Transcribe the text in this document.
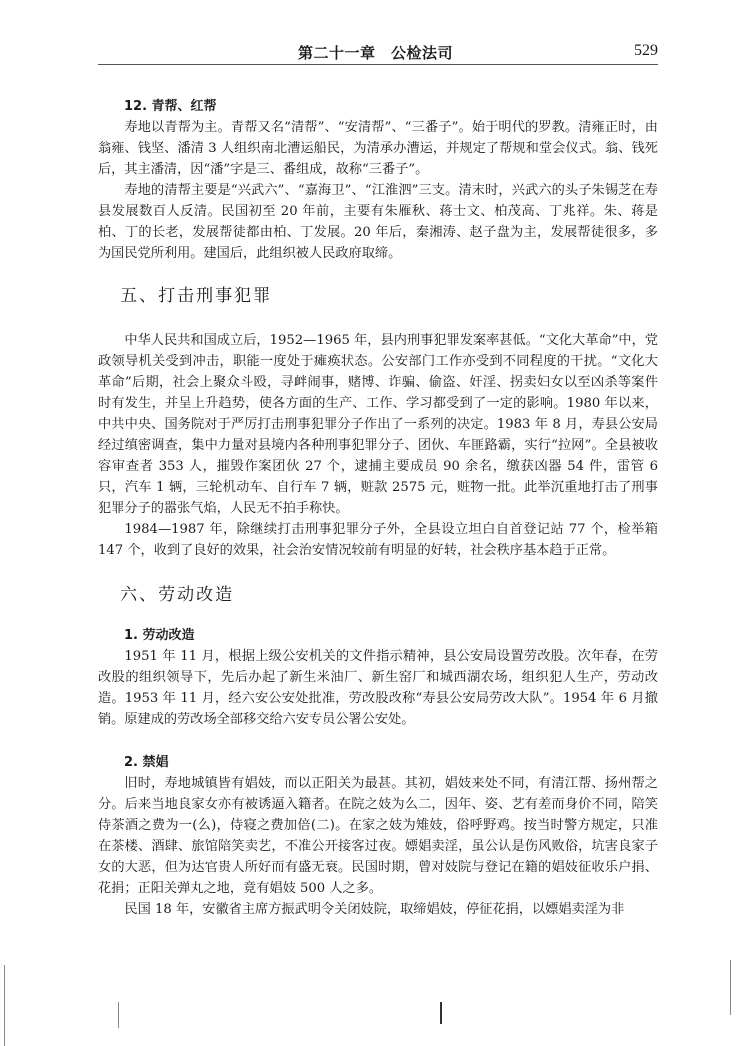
第二十一章　公检法司	529
12. 青帮、红帮

寿地以青帮为主。青帮又名“清帮”、“安清帮”、“三番子”。始于明代的罗教。清雍正时，由翁雍、钱坚、潘清 3 人组织南北漕运船民，为清承办漕运，并规定了帮规和堂会仪式。翁、钱死后，其主潘清，因“潘”字是三、番组成，故称“三番子”。

寿地的清帮主要是“兴武六”、“嘉海卫”、“江淮泗”三支。清末时，兴武六的头子朱锡芝在寿县发展数百人反清。民国初至 20 年前，主要有朱雁秋、蒋士文、柏茂高、丁兆祥。朱、蒋是柏、丁的长老，发展帮徒都由柏、丁发展。20 年后，秦湘涛、赵子盘为主，发展帮徒很多，多为国民党所利用。建国后，此组织被人民政府取缔。

五、打击刑事犯罪

中华人民共和国成立后，1952—1965 年，县内刑事犯罪发案率甚低。“文化大革命”中，党政领导机关受到冲击，职能一度处于瘫痪状态。公安部门工作亦受到不同程度的干扰。“文化大革命”后期，社会上聚众斗殴，寻衅闹事，赌博、诈骗、偷盗、奸淫、拐卖妇女以至凶杀等案件时有发生，并呈上升趋势，使各方面的生产、工作、学习都受到了一定的影响。1980 年以来，中共中央、国务院对于严厉打击刑事犯罪分子作出了一系列的决定。1983 年 8 月，寿县公安局经过缜密调查，集中力量对县境内各种刑事犯罪分子、团伙、车匪路霸，实行“拉网”。全县被收容审查者 353 人，摧毁作案团伙 27 个，逮捕主要成员 90 余名，缴获凶器 54 件，雷管 6 只，汽车 1 辆，三轮机动车、自行车 7 辆，赃款 2575 元，赃物一批。此举沉重地打击了刑事犯罪分子的嚣张气焰，人民无不拍手称快。

1984—1987 年，除继续打击刑事犯罪分子外，全县设立坦白自首登记站 77 个，检举箱 147 个，收到了良好的效果，社会治安情况较前有明显的好转，社会秩序基本趋于正常。

六、劳动改造
1. 劳动改造

1951 年 11 月，根据上级公安机关的文件指示精神，县公安局设置劳改股。次年春，在劳改股的组织领导下，先后办起了新生米油厂、新生窑厂和城西湖农场，组织犯人生产，劳动改造。1953 年 11 月，经六安公安处批准，劳改股改称“寿县公安局劳改大队”。1954 年 6 月撤销。原建成的劳改场全部移交给六安专员公署公安处。

2. 禁娼

旧时，寿地城镇皆有娼妓，而以正阳关为最甚。其初，娼妓来处不同，有清江帮、扬州帮之分。后来当地良家女亦有被诱逼入籍者。在院之妓为么二，因年、姿、艺有差而身价不同，陪笑侍茶酒之费为一(么)，侍寝之费加倍(二)。在家之妓为雉妓，俗呼野鸡。按当时警方规定，只准在茶楼、酒肆、旅馆陪笑卖艺，不准公开接客过夜。嫖娼卖淫，虽公认是伤风败俗，坑害良家子女的大恶，但为达官贵人所好而有盛无衰。民国时期，曾对妓院与登记在籍的娼妓征收乐户捐、花捐；正阳关弹丸之地，竟有娼妓 500 人之多。

民国 18 年，安徽省主席方振武明令关闭妓院，取缔娼妓，停征花捐，以嫖娼卖淫为非
